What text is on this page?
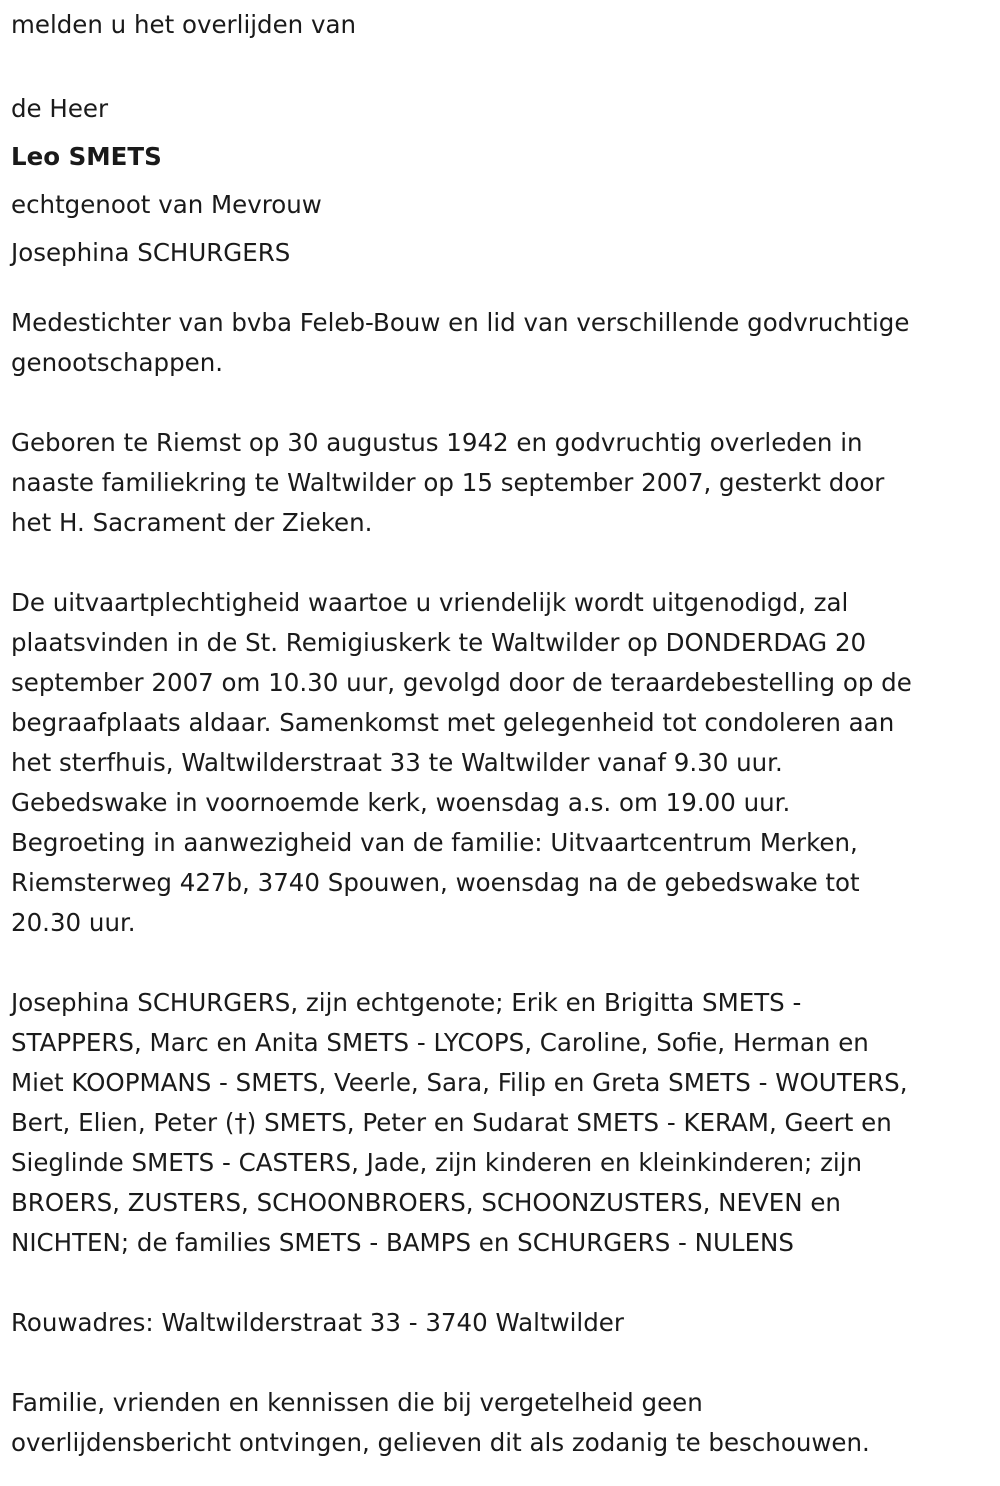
melden u het overlijden van

de Heer

Leo SMETS

echtgenoot van Mevrouw

Josephina SCHURGERS

Medestichter van bvba Feleb-Bouw en lid van verschillende godvruchtige

genootschappen.

Geboren te Riemst op 30 augustus 1942 en godvruchtig overleden in

naaste familiekring te Waltwilder op 15 september 2007, gesterkt door

het H. Sacrament der Zieken.

De uitvaartplechtigheid waartoe u vriendelijk wordt uitgenodigd, zal

plaatsvinden in de St. Remigiuskerk te Waltwilder op DONDERDAG 20

september 2007 om 10.30 uur, gevolgd door de teraardebestelling op de

begraafplaats aldaar. Samenkomst met gelegenheid tot condoleren aan

het sterfhuis, Waltwilderstraat 33 te Waltwilder vanaf 9.30 uur.

Gebedswake in voornoemde kerk, woensdag a.s. om 19.00 uur.

Begroeting in aanwezigheid van de familie: Uitvaartcentrum Merken,

Riemsterweg 427b, 3740 Spouwen, woensdag na de gebedswake tot

20.30 uur.

Josephina SCHURGERS, zijn echtgenote; Erik en Brigitta SMETS -

STAPPERS, Marc en Anita SMETS - LYCOPS, Caroline, Sofie, Herman en

Miet KOOPMANS - SMETS, Veerle, Sara, Filip en Greta SMETS - WOUTERS,

Bert, Elien, Peter (†) SMETS, Peter en Sudarat SMETS - KERAM, Geert en

Sieglinde SMETS - CASTERS, Jade, zijn kinderen en kleinkinderen; zijn

BROERS, ZUSTERS, SCHOONBROERS, SCHOONZUSTERS, NEVEN en

NICHTEN; de families SMETS - BAMPS en SCHURGERS - NULENS

Rouwadres: Waltwilderstraat 33 - 3740 Waltwilder

Familie, vrienden en kennissen die bij vergetelheid geen

overlijdensbericht ontvingen, gelieven dit als zodanig te beschouwen.
